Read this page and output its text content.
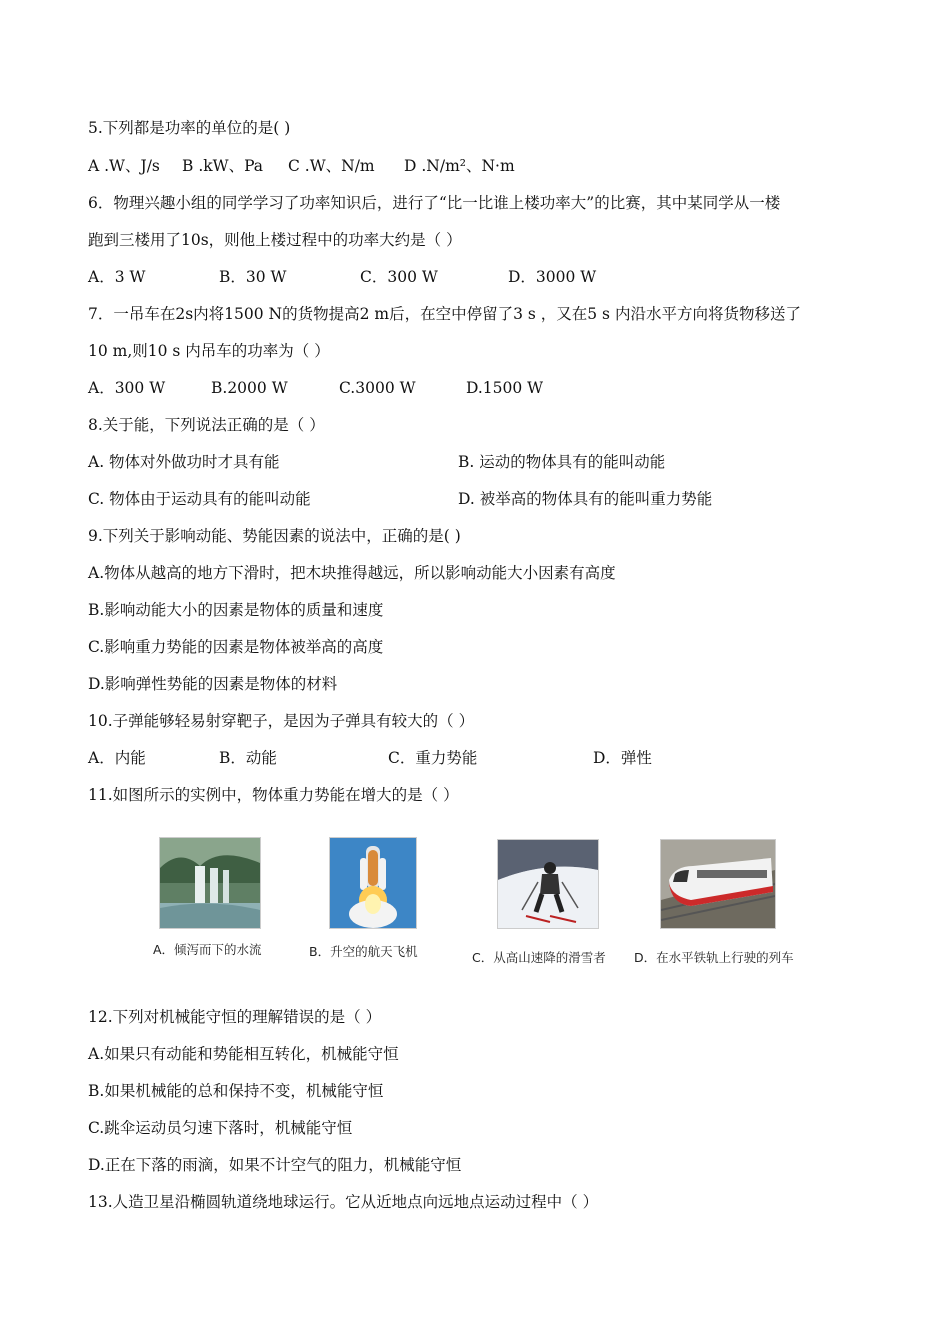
5.下列都是功率的单位的是( )
A .W、J/s B .kW、Pa C .W、N/m D .N/m²、N·m
6．物理兴趣小组的同学学习了功率知识后，进行了“比一比谁上楼功率大”的比赛，其中某同学从一楼
跑到三楼用了10s，则他上楼过程中的功率大约是（ ）
A．3 W	B．30 W	C．300 W	D．3000 W
7．一吊车在2s内将1500 N的货物提高2 m后，在空中停留了3 s ，又在5 s 内沿水平方向将货物移送了
10 m,则10 s 内吊车的功率为（ ）
A．300 W	B.2000 W	C.3000 W	D.1500 W
8.关于能，下列说法正确的是（ ）
A. 物体对外做功时才具有能	B. 运动的物体具有的能叫动能
C. 物体由于运动具有的能叫动能	D. 被举高的物体具有的能叫重力势能
9.下列关于影响动能、势能因素的说法中，正确的是( )
A.物体从越高的地方下滑时，把木块推得越远，所以影响动能大小因素有高度
B.影响动能大小的因素是物体的质量和速度
C.影响重力势能的因素是物体被举高的高度
D.影响弹性势能的因素是物体的材料
10.子弹能够轻易射穿靶子，是因为子弹具有较大的（ ）
A．内能	B．动能	C．重力势能	D．弹性
11.如图所示的实例中，物体重力势能在增大的是（ ）
A．倾泻而下的水流	B．升空的航天飞机	C．从高山速降的滑雪者 D．在水平铁轨上行驶的列车
12.下列对机械能守恒的理解错误的是（ ）
A.如果只有动能和势能相互转化，机械能守恒
B.如果机械能的总和保持不变，机械能守恒
C.跳伞运动员匀速下落时，机械能守恒
D.正在下落的雨滴，如果不计空气的阻力，机械能守恒
13.人造卫星沿椭圆轨道绕地球运行。它从近地点向远地点运动过程中（ ）
